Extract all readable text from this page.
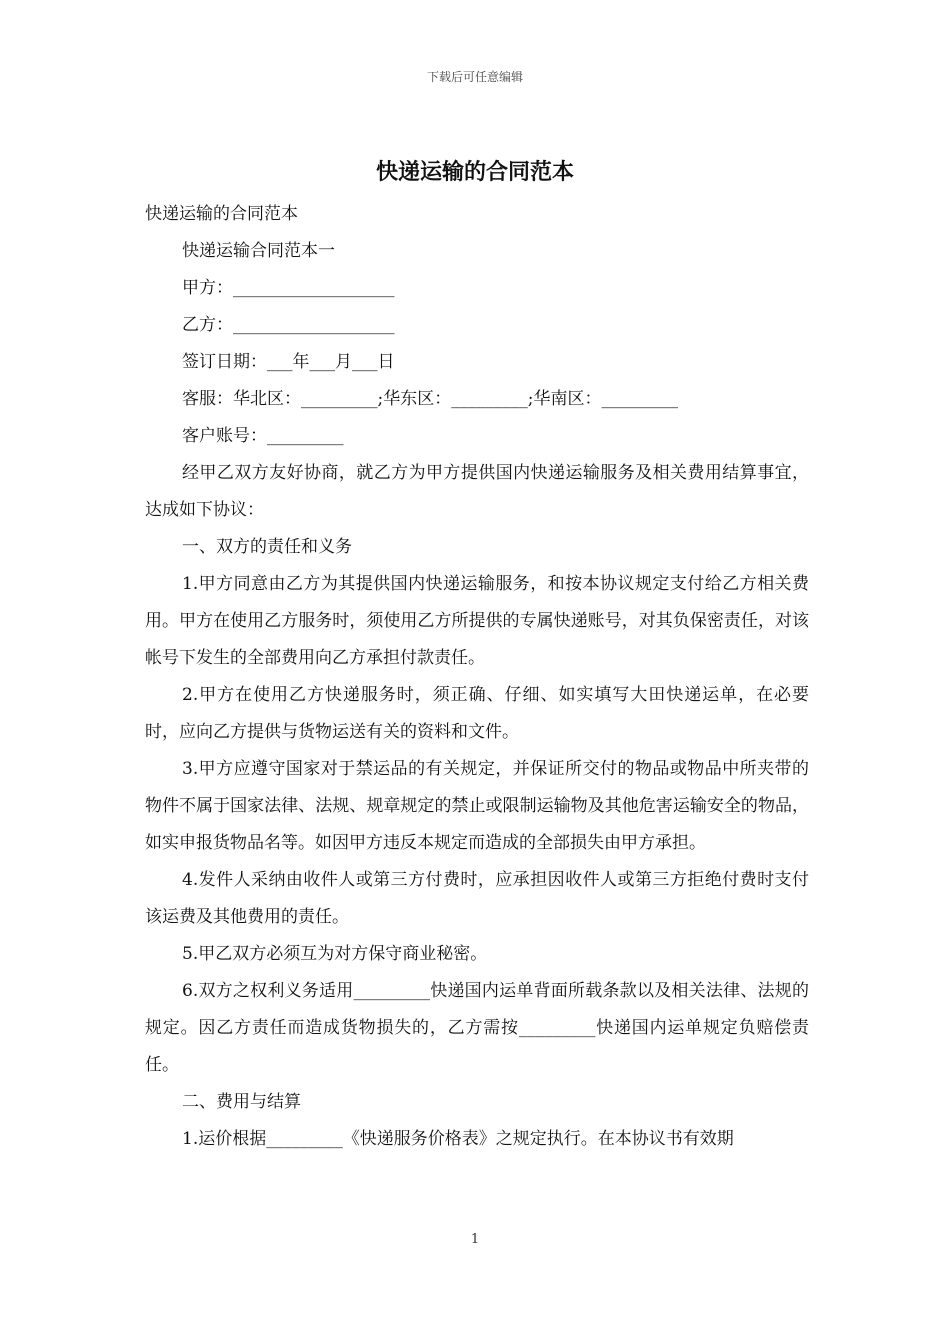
下载后可任意编辑
快递运输的合同范本

快递运输的合同范本

快递运输合同范本一

甲方：___________________

乙方：___________________

签订日期：___年___月___日

客服：华北区：_________;华东区：_________;华南区：_________

客户账号：_________

经甲乙双方友好协商，就乙方为甲方提供国内快递运输服务及相关费用结算事宜，达成如下协议：

一、双方的责任和义务

1.甲方同意由乙方为其提供国内快递运输服务，和按本协议规定支付给乙方相关费用。甲方在使用乙方服务时，须使用乙方所提供的专属快递账号，对其负保密责任，对该帐号下发生的全部费用向乙方承担付款责任。

2.甲方在使用乙方快递服务时，须正确、仔细、如实填写大田快递运单，在必要时，应向乙方提供与货物运送有关的资料和文件。

3.甲方应遵守国家对于禁运品的有关规定，并保证所交付的物品或物品中所夹带的物件不属于国家法律、法规、规章规定的禁止或限制运输物及其他危害运输安全的物品，如实申报货物品名等。如因甲方违反本规定而造成的全部损失由甲方承担。

4.发件人采纳由收件人或第三方付费时，应承担因收件人或第三方拒绝付费时支付该运费及其他费用的责任。

5.甲乙双方必须互为对方保守商业秘密。

6.双方之权利义务适用_________快递国内运单背面所载条款以及相关法律、法规的规定。因乙方责任而造成货物损失的，乙方需按_________快递国内运单规定负赔偿责任。

二、费用与结算

1.运价根据_________《快递服务价格表》之规定执行。在本协议书有效期

1
